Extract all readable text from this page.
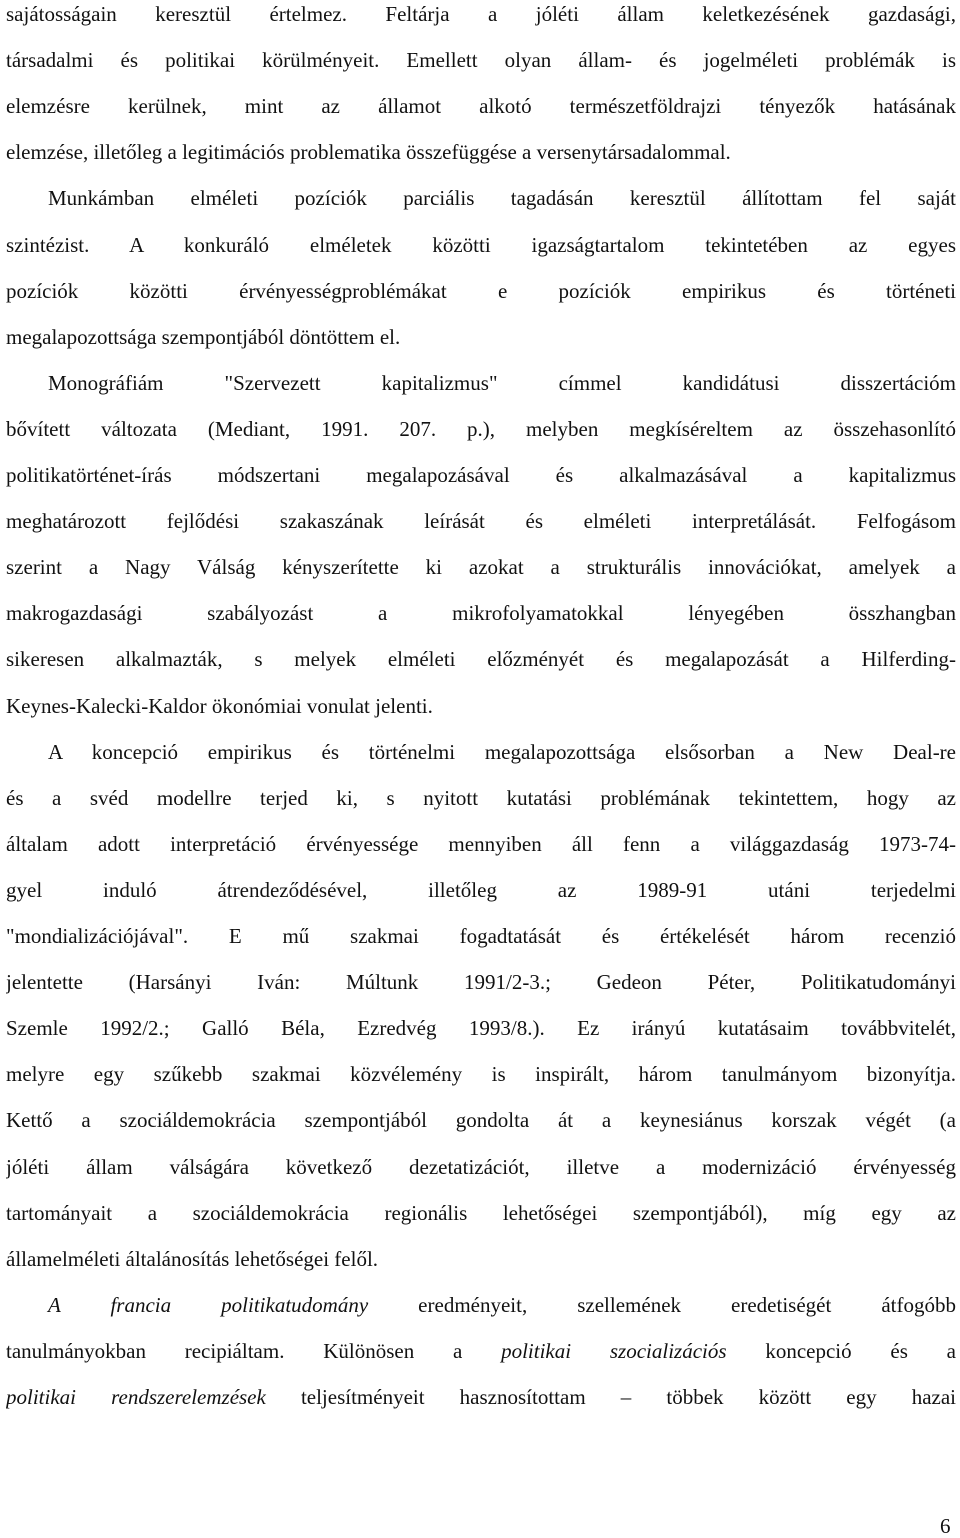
sajátosságain keresztül értelmez. Feltárja a jóléti állam keletkezésének gazdasági,
társadalmi és politikai körülményeit. Emellett olyan állam- és jogelméleti problémák is
elemzésre kerülnek, mint az államot alkotó természetföldrajzi tényezők hatásának
elemzése, illetőleg a legitimációs problematika összefüggése a versenytársadalommal.
Munkámban elméleti pozíciók parciális tagadásán keresztül állítottam fel saját
szintézist. A konkuráló elméletek közötti igazságtartalom tekintetében az egyes
pozíciók közötti érvényességproblémákat e pozíciók empirikus és történeti
megalapozottsága szempontjából döntöttem el.
Monográfiám "Szervezett kapitalizmus" címmel kandidátusi disszertációm
bővített változata (Mediant, 1991. 207. p.), melyben megkíséreltem az összehasonlító
politikatörténet-írás módszertani megalapozásával és alkalmazásával a kapitalizmus
meghatározott fejlődési szakaszának leírását és elméleti interpretálását. Felfogásom
szerint a Nagy Válság kényszerítette ki azokat a strukturális innovációkat, amelyek a
makrogazdasági szabályozást a mikrofolyamatokkal lényegében összhangban
sikeresen alkalmazták, s melyek elméleti előzményét és megalapozását a Hilferding-
Keynes-Kalecki-Kaldor ökonómiai vonulat jelenti.
A koncepció empirikus és történelmi megalapozottsága elsősorban a New Deal-re
és a svéd modellre terjed ki, s nyitott kutatási problémának tekintettem, hogy az
általam adott interpretáció érvényessége mennyiben áll fenn a világgazdaság 1973-74-
gyel induló átrendeződésével, illetőleg az 1989-91 utáni terjedelmi
"mondializációjával". E mű szakmai fogadtatását és értékelését három recenzió
jelentette (Harsányi Iván: Múltunk 1991/2-3.; Gedeon Péter, Politikatudományi
Szemle 1992/2.; Galló Béla, Ezredvég 1993/8.). Ez irányú kutatásaim továbbvitelét,
melyre egy szűkebb szakmai közvélemény is inspirált, három tanulmányom bizonyítja.
Kettő a szociáldemokrácia szempontjából gondolta át a keynesiánus korszak végét (a
jóléti állam válságára következő dezetatizációt, illetve a modernizáció érvényesség
tartományait a szociáldemokrácia regionális lehetőségei szempontjából), míg egy az
államelméleti általánosítás lehetőségei felől.
A francia politikatudomány eredményeit, szellemének eredetiségét átfogóbb
tanulmányokban recipiáltam. Különösen a politikai szocializációs koncepció és a
politikai rendszerelemzések teljesítményeit hasznosítottam – többek között egy hazai
6
